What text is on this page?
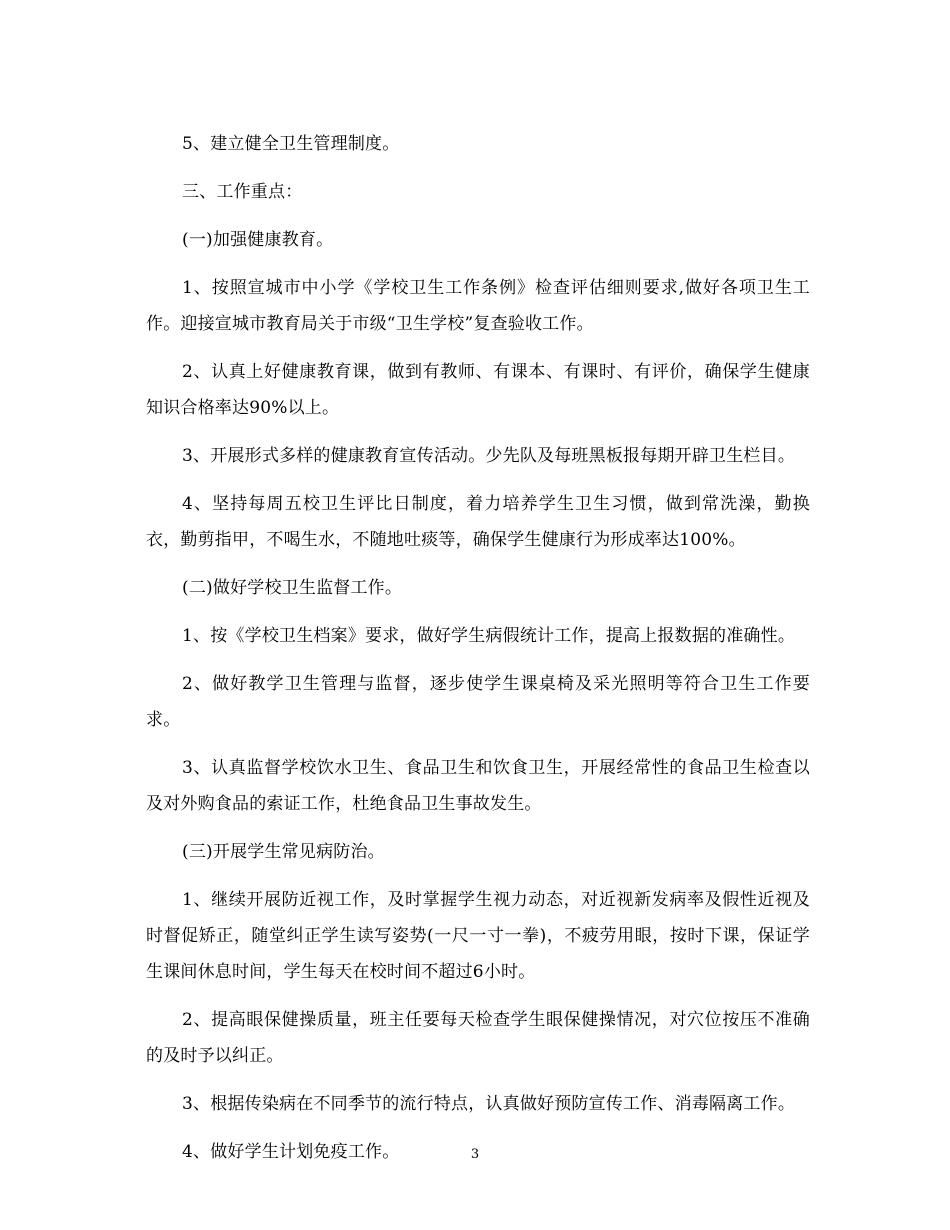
5、建立健全卫生管理制度。

三、工作重点：

(一)加强健康教育。

1、按照宣城市中小学《学校卫生工作条例》检查评估细则要求,做好各项卫生工作。迎接宣城市教育局关于市级“卫生学校”复查验收工作。

2、认真上好健康教育课，做到有教师、有课本、有课时、有评价，确保学生健康知识合格率达90%以上。

3、开展形式多样的健康教育宣传活动。少先队及每班黑板报每期开辟卫生栏目。

4、坚持每周五校卫生评比日制度，着力培养学生卫生习惯，做到常洗澡，勤换衣，勤剪指甲，不喝生水，不随地吐痰等，确保学生健康行为形成率达100%。

(二)做好学校卫生监督工作。

1、按《学校卫生档案》要求，做好学生病假统计工作，提高上报数据的准确性。

2、做好教学卫生管理与监督，逐步使学生课桌椅及采光照明等符合卫生工作要求。

3、认真监督学校饮水卫生、食品卫生和饮食卫生，开展经常性的食品卫生检查以及对外购食品的索证工作，杜绝食品卫生事故发生。

(三)开展学生常见病防治。

1、继续开展防近视工作，及时掌握学生视力动态，对近视新发病率及假性近视及时督促矫正，随堂纠正学生读写姿势(一尺一寸一拳)，不疲劳用眼，按时下课，保证学生课间休息时间，学生每天在校时间不超过6小时。

2、提高眼保健操质量，班主任要每天检查学生眼保健操情况，对穴位按压不准确的及时予以纠正。

3、根据传染病在不同季节的流行特点，认真做好预防宣传工作、消毒隔离工作。

4、做好学生计划免疫工作。	3
